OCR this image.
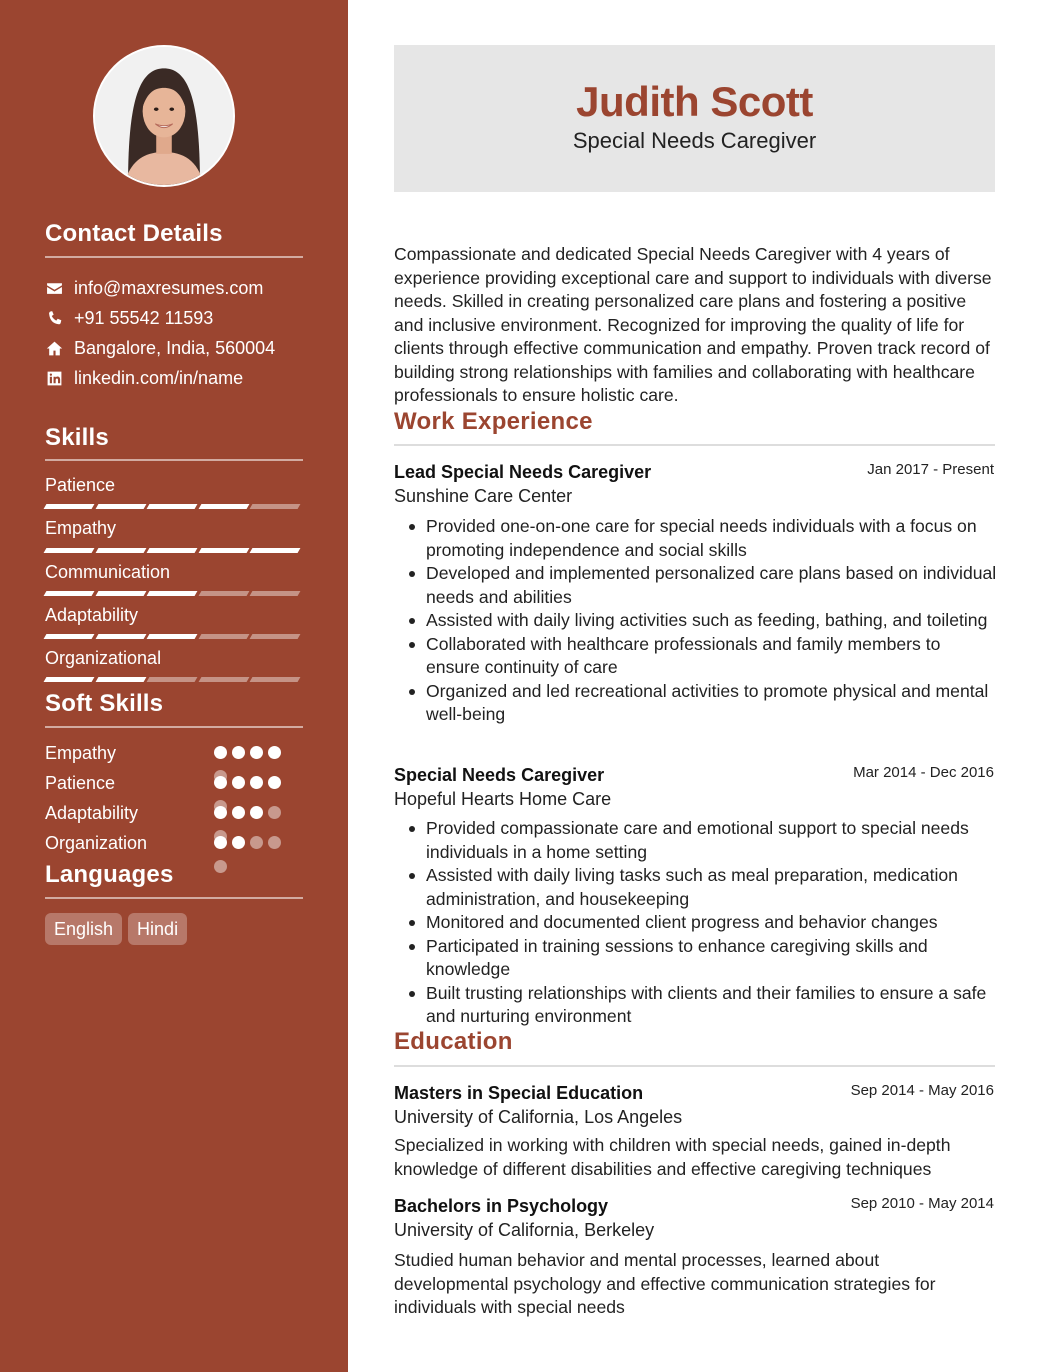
Contact Details
info@maxresumes.com
+91 55542 11593
Bangalore, India, 560004
linkedin.com/in/name
Skills
Patience
Empathy
Communication
Adaptability
Organizational
Soft Skills
Empathy
Patience
Adaptability
Organization
Languages
English	Hindi
Judith Scott
Special Needs Caregiver

Compassionate and dedicated Special Needs Caregiver with 4 years of experience providing exceptional care and support to individuals with diverse needs. Skilled in creating personalized care plans and fostering a positive and inclusive environment. Recognized for improving the quality of life for clients through effective communication and empathy. Proven track record of building strong relationships with families and collaborating with healthcare professionals to ensure holistic care.

Work Experience
Lead Special Needs Caregiver	Jan 2017 - Present
Sunshine Care Center
Provided one-on-one care for special needs individuals with a focus on promoting independence and social skills
Developed and implemented personalized care plans based on individual needs and abilities
Assisted with daily living activities such as feeding, bathing, and toileting
Collaborated with healthcare professionals and family members to ensure continuity of care
Organized and led recreational activities to promote physical and mental well-being
Special Needs Caregiver	Mar 2014 - Dec 2016
Hopeful Hearts Home Care
Provided compassionate care and emotional support to special needs individuals in a home setting
Assisted with daily living tasks such as meal preparation, medication administration, and housekeeping
Monitored and documented client progress and behavior changes
Participated in training sessions to enhance caregiving skills and knowledge
Built trusting relationships with clients and their families to ensure a safe and nurturing environment
Education
Masters in Special Education	Sep 2014 - May 2016
University of California, Los Angeles

Specialized in working with children with special needs, gained in-depth knowledge of different disabilities and effective caregiving techniques

Bachelors in Psychology	Sep 2010 - May 2014
University of California, Berkeley

Studied human behavior and mental processes, learned about developmental psychology and effective communication strategies for individuals with special needs
